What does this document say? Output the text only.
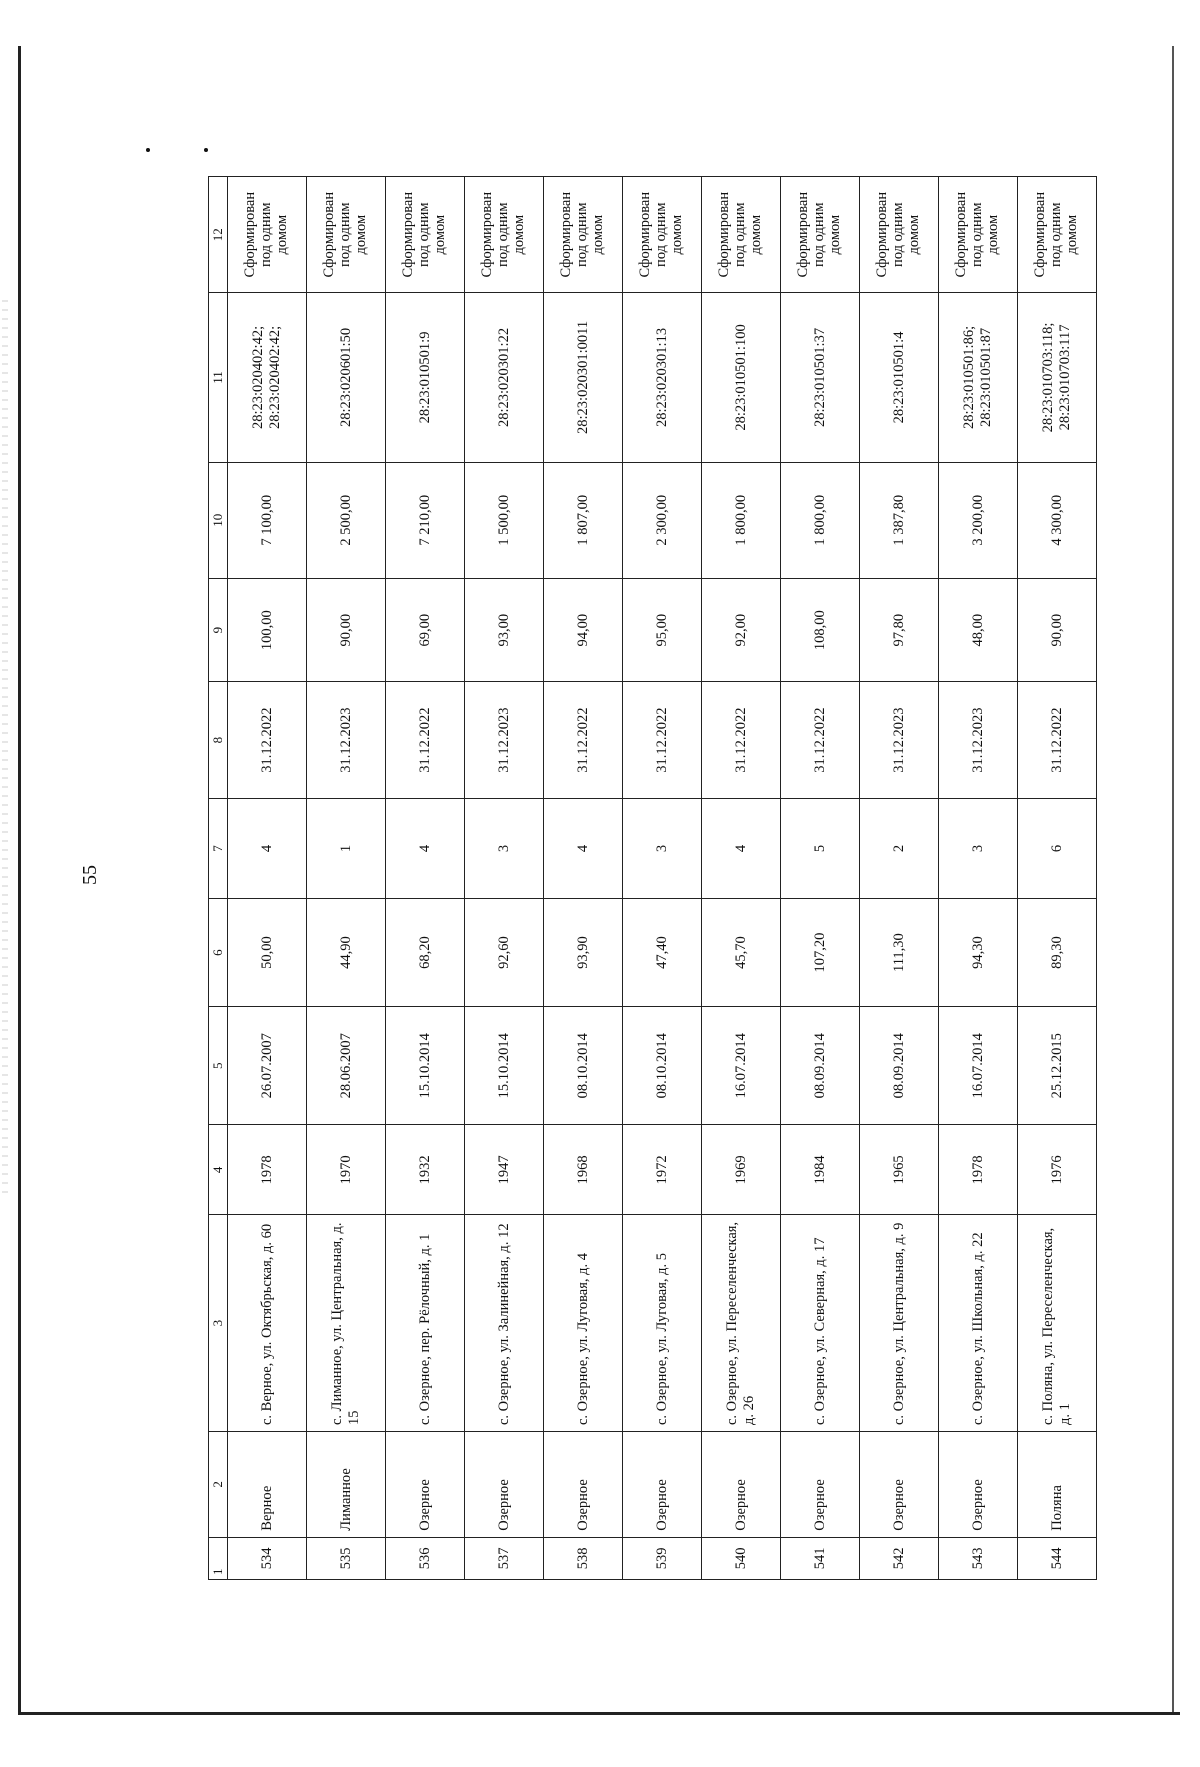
55
1	2	3	4	5	6	7	8	9	10	11	12
534	Верное	с. Верное, ул. Октябрьская, д. 60	1978	26.07.2007	50,00	4	31.12.2022	100,00	7 100,00	28:23:020402:42; 28:23:020402:42;	Сформирован под одним домом

535	Лиманное	с. Лиманное, ул. Центральная, д. 15	1970	28.06.2007	44,90	1	31.12.2023	90,00	2 500,00	28:23:020601:50	Сформирован под одним домом

536	Озерное	с. Озерное, пер. Рёлочный, д. 1	1932	15.10.2014	68,20	4	31.12.2022	69,00	7 210,00	28:23:010501:9	Сформирован под одним домом

537	Озерное	с. Озерное, ул. Залинейная, д. 12	1947	15.10.2014	92,60	3	31.12.2023	93,00	1 500,00	28:23:020301:22	Сформирован под одним домом

538	Озерное	с. Озерное, ул. Луговая, д. 4	1968	08.10.2014	93,90	4	31.12.2022	94,00	1 807,00	28:23:020301:0011	Сформирован под одним домом

539	Озерное	с. Озерное, ул. Луговая, д. 5	1972	08.10.2014	47,40	3	31.12.2022	95,00	2 300,00	28:23:020301:13	Сформирован под одним домом

540	Озерное	с. Озерное, ул. Переселенческая, д. 26	1969	16.07.2014	45,70	4	31.12.2022	92,00	1 800,00	28:23:010501:100	Сформирован под одним домом

541	Озерное	с. Озерное, ул. Северная, д. 17	1984	08.09.2014	107,20	5	31.12.2022	108,00	1 800,00	28:23:010501:37	Сформирован под одним домом

542	Озерное	с. Озерное, ул. Центральная, д. 9	1965	08.09.2014	111,30	2	31.12.2023	97,80	1 387,80	28:23:010501:4	Сформирован под одним домом

543	Озерное	с. Озерное, ул. Школьная, д. 22	1978	16.07.2014	94,30	3	31.12.2023	48,00	3 200,00	28:23:010501:86; 28:23:010501:87	Сформирован под одним домом

544	Поляна	с. Поляна, ул. Переселенческая, д. 1	1976	25.12.2015	89,30	6	31.12.2022	90,00	4 300,00	28:23:010703:118; 28:23:010703:117	Сформирован под одним домом
